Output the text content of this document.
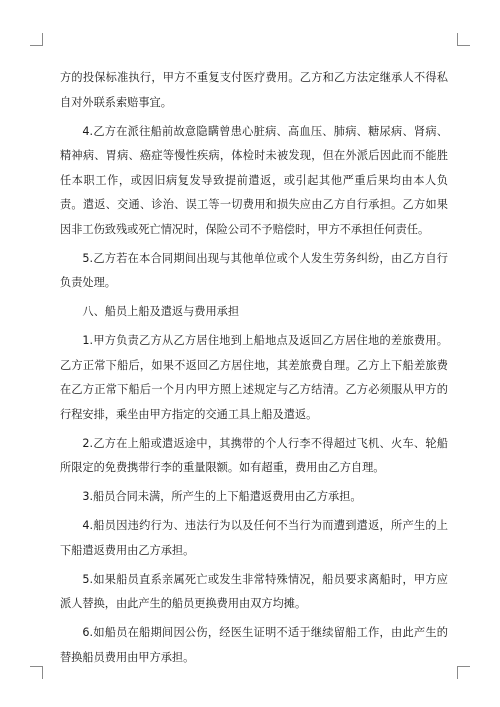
方的投保标准执行，甲方不重复支付医疗费用。乙方和乙方法定继承人不得私自对外联系索赔事宜。

4.乙方在派往船前故意隐瞒曾患心脏病、高血压、肺病、糖尿病、肾病、精神病、胃病、癌症等慢性疾病，体检时未被发现，但在外派后因此而不能胜任本职工作，或因旧病复发导致提前遣返，或引起其他严重后果均由本人负责。遣返、交通、诊治、误工等一切费用和损失应由乙方自行承担。乙方如果因非工伤致残或死亡情况时，保险公司不予赔偿时，甲方不承担任何责任。

5.乙方若在本合同期间出现与其他单位或个人发生劳务纠纷，由乙方自行负责处理。

八、船员上船及遣返与费用承担

1.甲方负责乙方从乙方居住地到上船地点及返回乙方居住地的差旅费用。乙方正常下船后，如果不返回乙方居住地，其差旅费自理。乙方上下船差旅费在乙方正常下船后一个月内甲方照上述规定与乙方结清。乙方必须服从甲方的行程安排，乘坐由甲方指定的交通工具上船及遣返。

2.乙方在上船或遣返途中，其携带的个人行李不得超过飞机、火车、轮船所限定的免费携带行李的重量限额。如有超重，费用由乙方自理。

3.船员合同未满，所产生的上下船遣返费用由乙方承担。

4.船员因违约行为、违法行为以及任何不当行为而遭到遣返，所产生的上下船遣返费用由乙方承担。

5.如果船员直系亲属死亡或发生非常特殊情况，船员要求离船时，甲方应派人替换，由此产生的船员更换费用由双方均摊。

6.如船员在船期间因公伤，经医生证明不适于继续留船工作，由此产生的替换船员费用由甲方承担。
